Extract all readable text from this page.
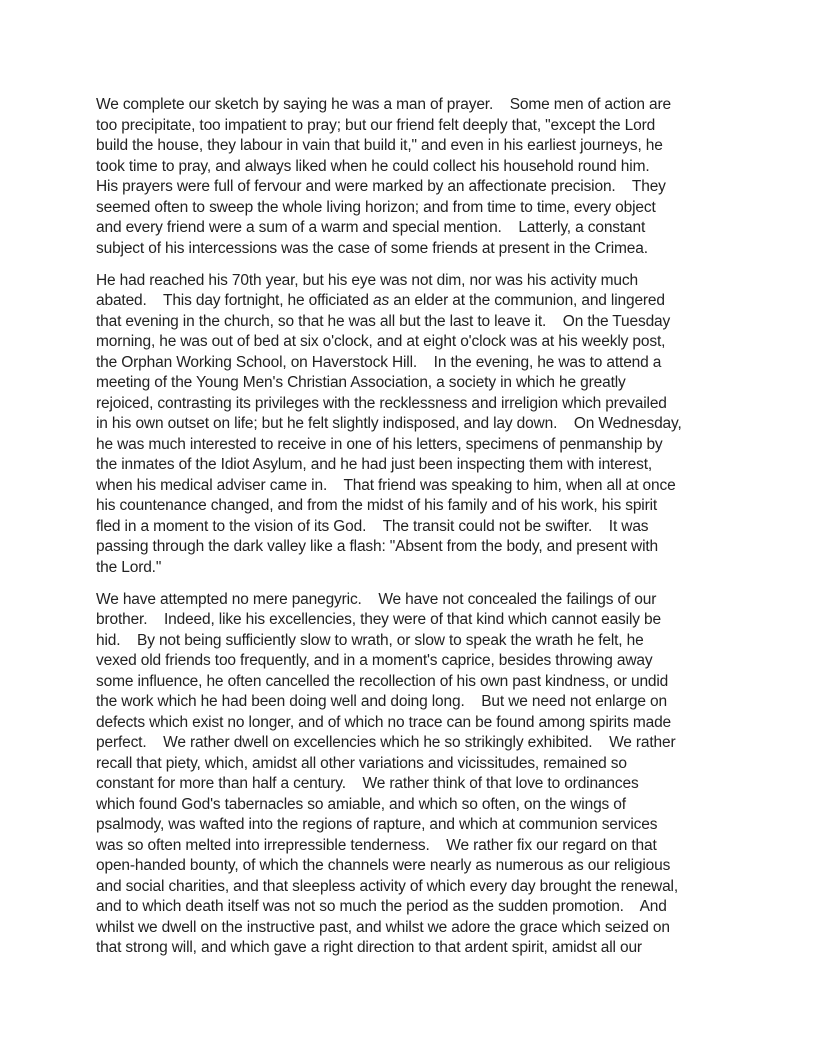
We complete our sketch by saying he was a man of prayer.    Some men of action are
too precipitate, too impatient to pray; but our friend felt deeply that, "except the Lord
build the house, they labour in vain that build it," and even in his earliest journeys, he
took time to pray, and always liked when he could collect his household round him.
His prayers were full of fervour and were marked by an affectionate precision.    They
seemed often to sweep the whole living horizon; and from time to time, every object
and every friend were a sum of a warm and special mention.    Latterly, a constant
subject of his intercessions was the case of some friends at present in the Crimea.

He had reached his 70th year, but his eye was not dim, nor was his activity much
abated.    This day fortnight, he officiated as an elder at the communion, and lingered
that evening in the church, so that he was all but the last to leave it.    On the Tuesday
morning, he was out of bed at six o'clock, and at eight o'clock was at his weekly post,
the Orphan Working School, on Haverstock Hill.    In the evening, he was to attend a
meeting of the Young Men's Christian Association, a society in which he greatly
rejoiced, contrasting its privileges with the recklessness and irreligion which prevailed
in his own outset on life; but he felt slightly indisposed, and lay down.    On Wednesday,
he was much interested to receive in one of his letters, specimens of penmanship by
the inmates of the Idiot Asylum, and he had just been inspecting them with interest,
when his medical adviser came in.    That friend was speaking to him, when all at once
his countenance changed, and from the midst of his family and of his work, his spirit
fled in a moment to the vision of its God.    The transit could not be swifter.    It was
passing through the dark valley like a flash: "Absent from the body, and present with
the Lord."

We have attempted no mere panegyric.    We have not concealed the failings of our
brother.    Indeed, like his excellencies, they were of that kind which cannot easily be
hid.    By not being sufficiently slow to wrath, or slow to speak the wrath he felt, he
vexed old friends too frequently, and in a moment's caprice, besides throwing away
some influence, he often cancelled the recollection of his own past kindness, or undid
the work which he had been doing well and doing long.    But we need not enlarge on
defects which exist no longer, and of which no trace can be found among spirits made
perfect.    We rather dwell on excellencies which he so strikingly exhibited.    We rather
recall that piety, which, amidst all other variations and vicissitudes, remained so
constant for more than half a century.    We rather think of that love to ordinances
which found God's tabernacles so amiable, and which so often, on the wings of
psalmody, was wafted into the regions of rapture, and which at communion services
was so often melted into irrepressible tenderness.    We rather fix our regard on that
open-handed bounty, of which the channels were nearly as numerous as our religious
and social charities, and that sleepless activity of which every day brought the renewal,
and to which death itself was not so much the period as the sudden promotion.    And
whilst we dwell on the instructive past, and whilst we adore the grace which seized on
that strong will, and which gave a right direction to that ardent spirit, amidst all our
